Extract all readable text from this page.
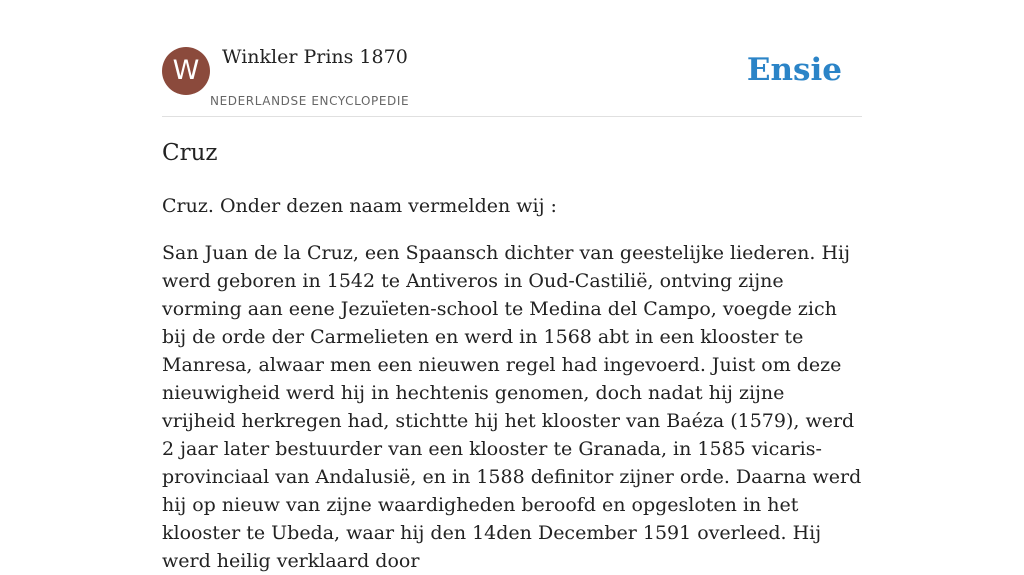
W	Winkler Prins 1870
NEDERLANDSE ENCYCLOPEDIE
Ensie
Cruz

Cruz. Onder dezen naam vermelden wij :

San Juan de la Cruz, een Spaansch dichter van geestelijke liederen. Hij werd geboren in 1542 te Antiveros in Oud-Castilië, ontving zijne vorming aan eene Jezuïeten-school te Medina del Campo, voegde zich bij de orde der Carmelieten en werd in 1568 abt in een klooster te Manresa, alwaar men een nieuwen regel had ingevoerd. Juist om deze nieuwigheid werd hij in hechtenis genomen, doch nadat hij zijne vrijheid herkregen had, stichtte hij het klooster van Baéza (1579), werd 2 jaar later bestuurder van een klooster te Granada, in 1585 vicaris-provinciaal van Andalusië, en in 1588 definitor zijner orde. Daarna werd hij op nieuw van zijne waardigheden beroofd en opgesloten in het klooster te Ubeda, waar hij den 14den December 1591 overleed. Hij werd heilig verklaard door
